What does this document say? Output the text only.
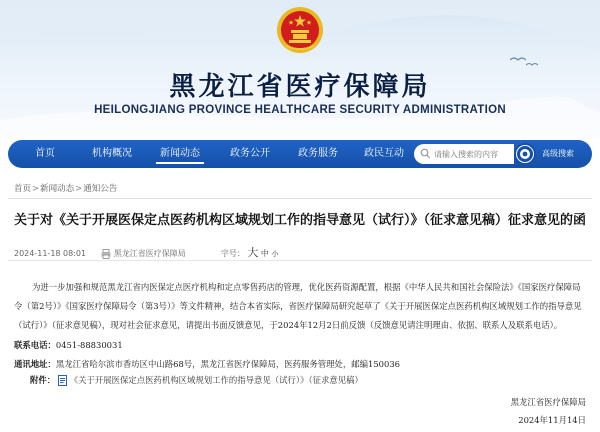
黑龙江省医疗保障局
HEILONGJIANG PROVINCE HEALTHCARE SECURITY ADMINISTRATION
首页	机构概况	新闻动态	政务公开	政务服务	政民互动
请输入搜索的内容	高级搜索
首页>新闻动态>通知公告
关于对《关于开展医保定点医药机构区域规划工作的指导意见（试行）》（征求意见稿）征求意见的函
2024-11-18 08:01	黑龙江省医疗保障局	字号： 大 中 小
为进一步加强和规范黑龙江省内医保定点医疗机构和定点零售药店的管理，优化医药资源配置，根据《中华人民共和国社会保险法》《国家医疗保障局令（第2号）》《国家医疗保障局令（第3号）》等文件精神，结合本省实际，省医疗保障局研究起草了《关于开展医保定点医药机构区域规划工作的指导意见（试行）》（征求意见稿），现对社会征求意见，请提出书面反馈意见，于2024年12月2日前反馈（反馈意见请注明理由、依据、联系人及联系电话）。
联系电话：0451-88830031
通讯地址：黑龙江省哈尔滨市香坊区中山路68号，黑龙江省医疗保障局，医药服务管理处，邮编150036
附件： 《关于开展医保定点医药机构区域规划工作的指导意见（试行）》（征求意见稿）
黑龙江省医疗保障局
2024年11月14日
